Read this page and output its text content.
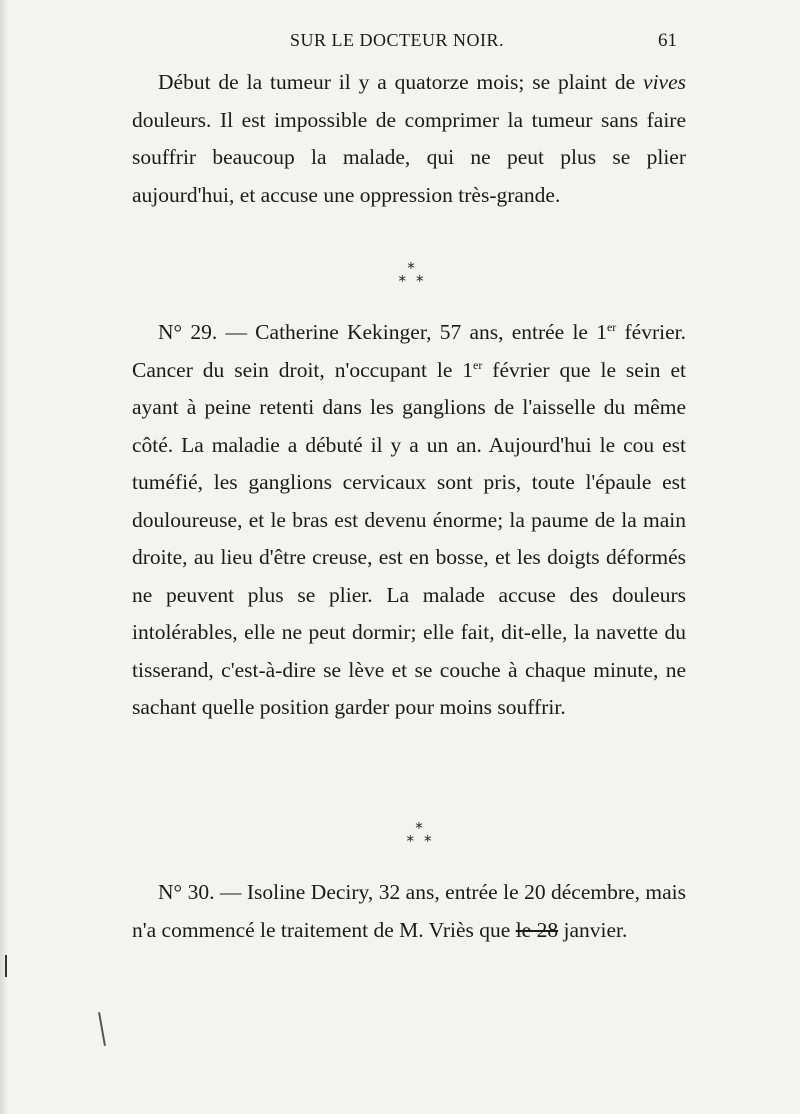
SUR LE DOCTEUR NOIR.	61

Début de la tumeur il y a quatorze mois; se plaint de vives douleurs. Il est impossible de comprimer la tumeur sans faire souffrir beaucoup la malade, qui ne peut plus se plier aujourd'hui, et accuse une oppression très-grande.

*
* *

N° 29. — Catherine Kekinger, 57 ans, entrée le 1er février. Cancer du sein droit, n'occupant le 1er février que le sein et ayant à peine retenti dans les ganglions de l'aisselle du même côté. La maladie a débuté il y a un an. Aujourd'hui le cou est tuméfié, les ganglions cervicaux sont pris, toute l'épaule est douloureuse, et le bras est devenu énorme; la paume de la main droite, au lieu d'être creuse, est en bosse, et les doigts déformés ne peuvent plus se plier. La malade accuse des douleurs intolérables, elle ne peut dormir; elle fait, dit-elle, la navette du tisserand, c'est-à-dire se lève et se couche à chaque minute, ne sachant quelle position garder pour moins souffrir.

*
* *

N° 30. — Isoline Deciry, 32 ans, entrée le 20 décembre, mais n'a commencé le traitement de M. Vriès que le 28 janvier.
